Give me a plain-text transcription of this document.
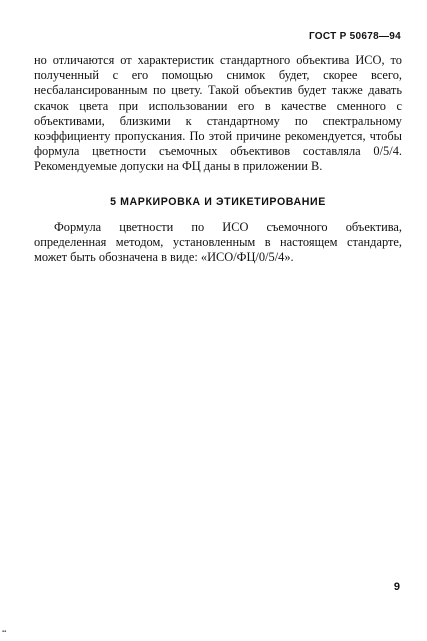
ГОСТ Р 50678—94

но отличаются от характеристик стандартного объектива ИСО, то полученный с его помощью снимок будет, скорее всего, несбалансированным по цвету. Такой объектив будет также давать скачок цвета при использовании его в качестве сменного с объективами, близкими к стандартному по спектральному коэффициенту пропускания. По этой причине рекомендуется, чтобы формула цветности съемочных объективов составляла 0/5/4. Рекомендуемые допуски на ФЦ даны в приложении В.

5 МАРКИРОВКА И ЭТИКЕТИРОВАНИЕ

Формула цветности по ИСО съемочного объектива, определенная методом, установленным в настоящем стандарте, может быть обозначена в виде: «ИСО/ФЦ/0/5/4».

9
▪▪
